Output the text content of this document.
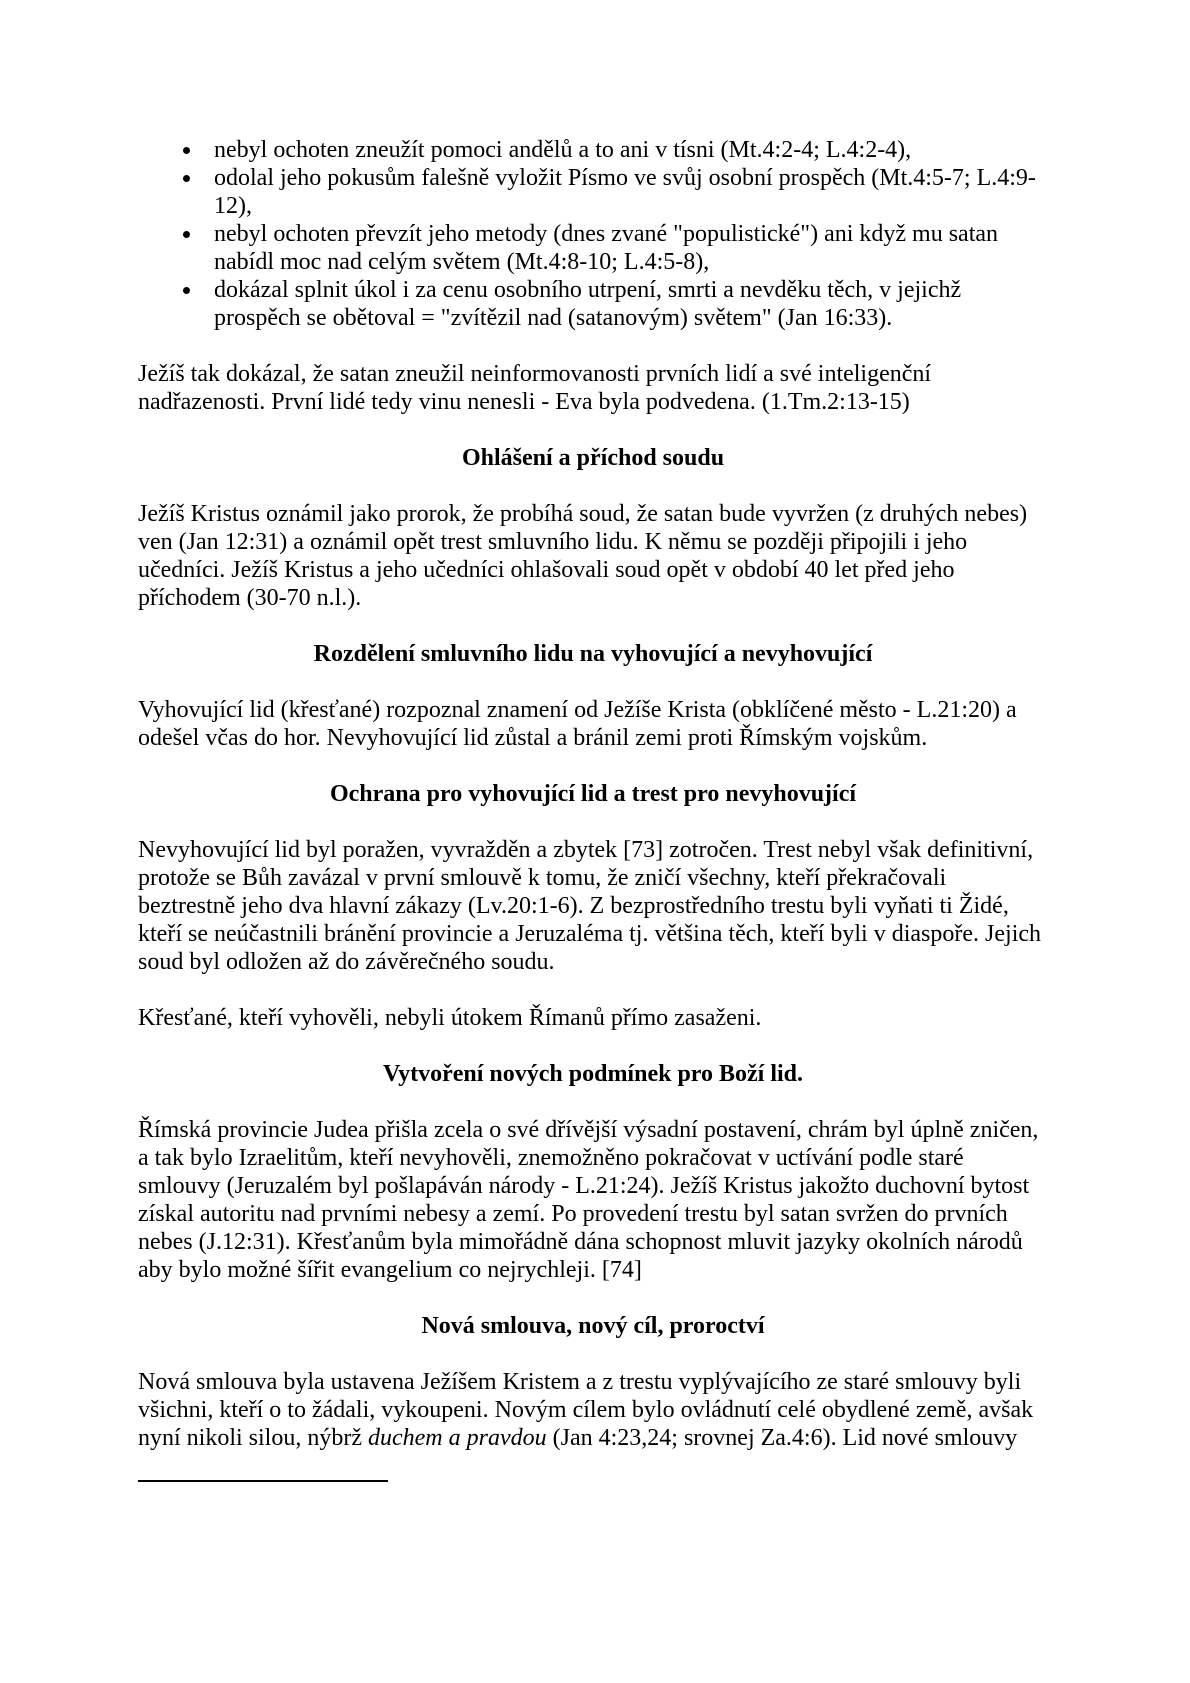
nebyl ochoten zneužít pomoci andělů a to ani v tísni (Mt.4:2-4; L.4:2-4),
odolal jeho pokusům falešně vyložit Písmo ve svůj osobní prospěch (Mt.4:5-7; L.4:9-12),
nebyl ochoten převzít jeho metody (dnes zvané "populistické") ani když mu satan nabídl moc nad celým světem (Mt.4:8-10; L.4:5-8),
dokázal splnit úkol i za cenu osobního utrpení, smrti a nevděku těch, v jejichž prospěch se obětoval = "zvítězil nad (satanovým) světem" (Jan 16:33).

Ježíš tak dokázal, že satan zneužil neinformovanosti prvních lidí a své inteligenční nadřazenosti. První lidé tedy vinu nenesli - Eva byla podvedena. (1.Tm.2:13-15)

Ohlášení a příchod soudu

Ježíš Kristus oznámil jako prorok, že probíhá soud, že satan bude vyvržen (z druhých nebes) ven (Jan 12:31) a oznámil opět trest smluvního lidu. K němu se později připojili i jeho učedníci. Ježíš Kristus a jeho učedníci ohlašovali soud opět v období 40 let před jeho příchodem (30-70 n.l.).

Rozdělení smluvního lidu na vyhovující a nevyhovující

Vyhovující lid (křesťané) rozpoznal znamení od Ježíše Krista (obklíčené město - L.21:20) a odešel včas do hor. Nevyhovující lid zůstal a bránil zemi proti Římským vojskům.

Ochrana pro vyhovující lid a trest pro nevyhovující

Nevyhovující lid byl poražen, vyvražděn a zbytek [73] zotročen. Trest nebyl však definitivní, protože se Bůh zavázal v první smlouvě k tomu, že zničí všechny, kteří překračovali beztrestně jeho dva hlavní zákazy (Lv.20:1-6). Z bezprostředního trestu byli vyňati ti Židé, kteří se neúčastnili bránění provincie a Jeruzaléma tj. většina těch, kteří byli v diaspoře. Jejich soud byl odložen až do závěrečného soudu.

Křesťané, kteří vyhověli, nebyli útokem Římanů přímo zasaženi.

Vytvoření nových podmínek pro Boží lid.

Římská provincie Judea přišla zcela o své dřívější výsadní postavení, chrám byl úplně zničen, a tak bylo Izraelitům, kteří nevyhověli, znemožněno pokračovat v uctívání podle staré smlouvy (Jeruzalém byl pošlapáván národy - L.21:24). Ježíš Kristus jakožto duchovní bytost získal autoritu nad prvními nebesy a zemí. Po provedení trestu byl satan svržen do prvních nebes (J.12:31). Křesťanům byla mimořádně dána schopnost mluvit jazyky okolních národů aby bylo možné šířit evangelium co nejrychleji. [74]

Nová smlouva, nový cíl, proroctví

Nová smlouva byla ustavena Ježíšem Kristem a z trestu vyplývajícího ze staré smlouvy byli všichni, kteří o to žádali, vykoupeni. Novým cílem bylo ovládnutí celé obydlené země, avšak nyní nikoli silou, nýbrž duchem a pravdou (Jan 4:23,24; srovnej Za.4:6). Lid nové smlouvy
